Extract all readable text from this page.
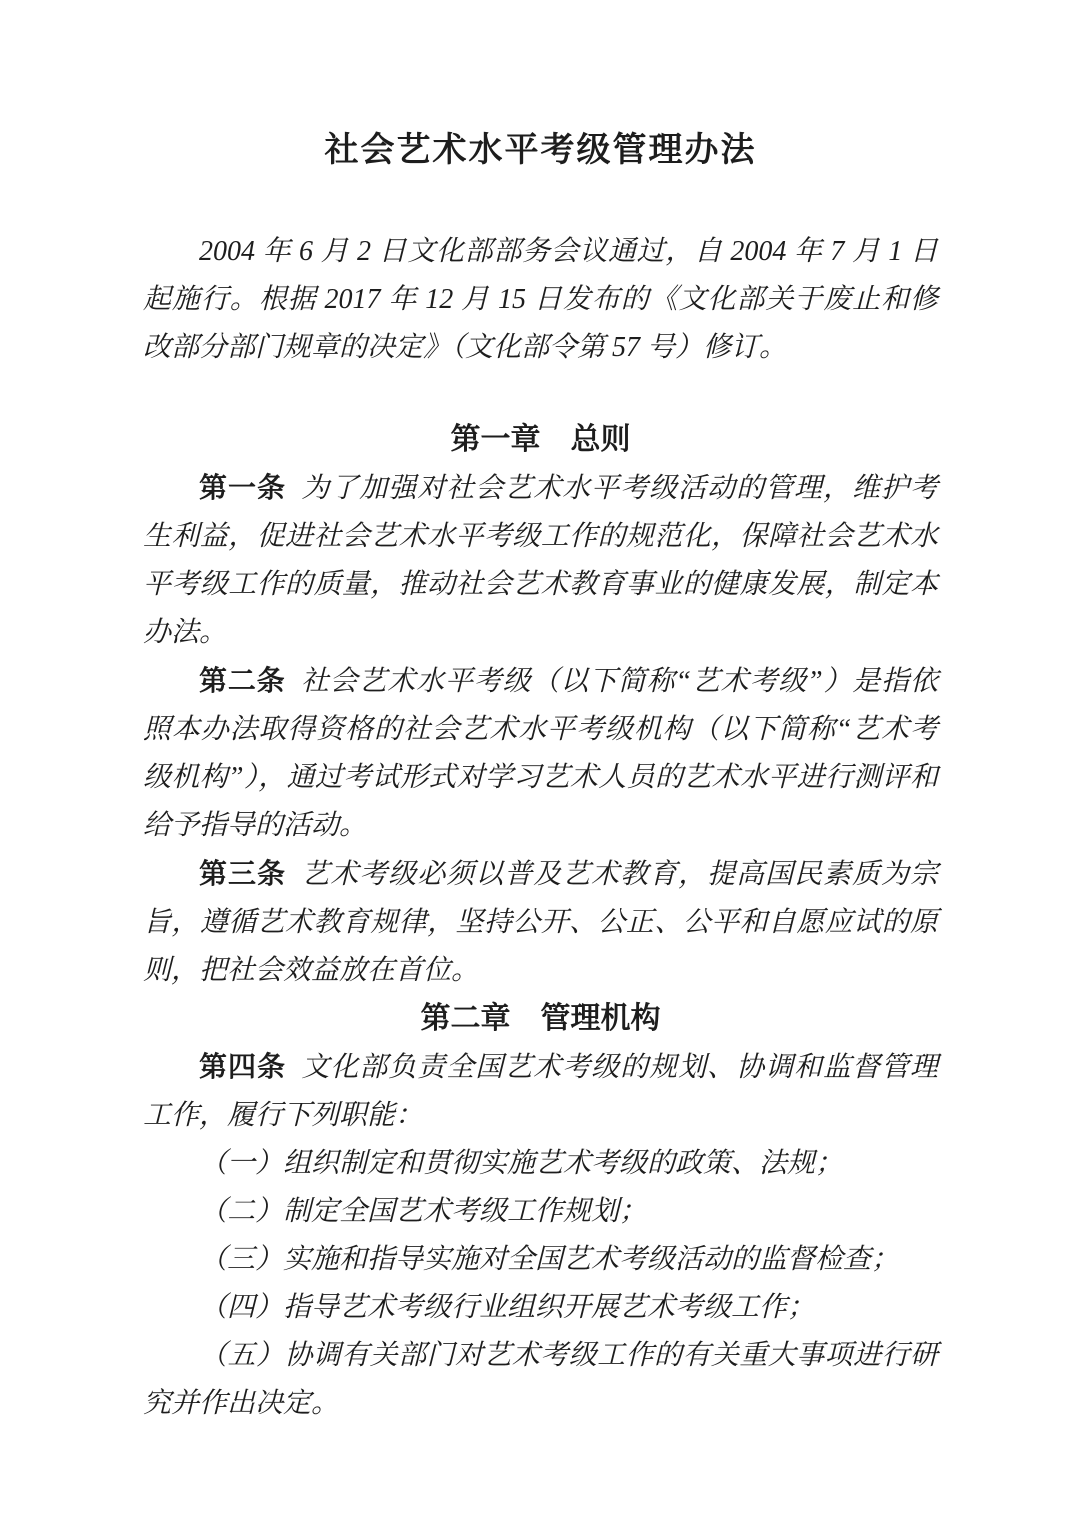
社会艺术水平考级管理办法

2004 年 6 月 2 日文化部部务会议通过，自 2004 年 7 月 1 日起施行。根据 2017 年 12 月 15 日发布的《文化部关于废止和修改部分部门规章的决定》（文化部令第 57 号）修订。

第一章　总则

第一条 为了加强对社会艺术水平考级活动的管理，维护考生利益，促进社会艺术水平考级工作的规范化，保障社会艺术水平考级工作的质量，推动社会艺术教育事业的健康发展，制定本办法。

第二条 社会艺术水平考级（以下简称“艺术考级”）是指依照本办法取得资格的社会艺术水平考级机构（以下简称“艺术考级机构”），通过考试形式对学习艺术人员的艺术水平进行测评和给予指导的活动。

第三条 艺术考级必须以普及艺术教育，提高国民素质为宗旨，遵循艺术教育规律，坚持公开、公正、公平和自愿应试的原则，把社会效益放在首位。

第二章　管理机构

第四条 文化部负责全国艺术考级的规划、协调和监督管理工作，履行下列职能：

（一）组织制定和贯彻实施艺术考级的政策、法规；

（二）制定全国艺术考级工作规划；

（三）实施和指导实施对全国艺术考级活动的监督检查；

（四）指导艺术考级行业组织开展艺术考级工作；

（五）协调有关部门对艺术考级工作的有关重大事项进行研究并作出决定。
